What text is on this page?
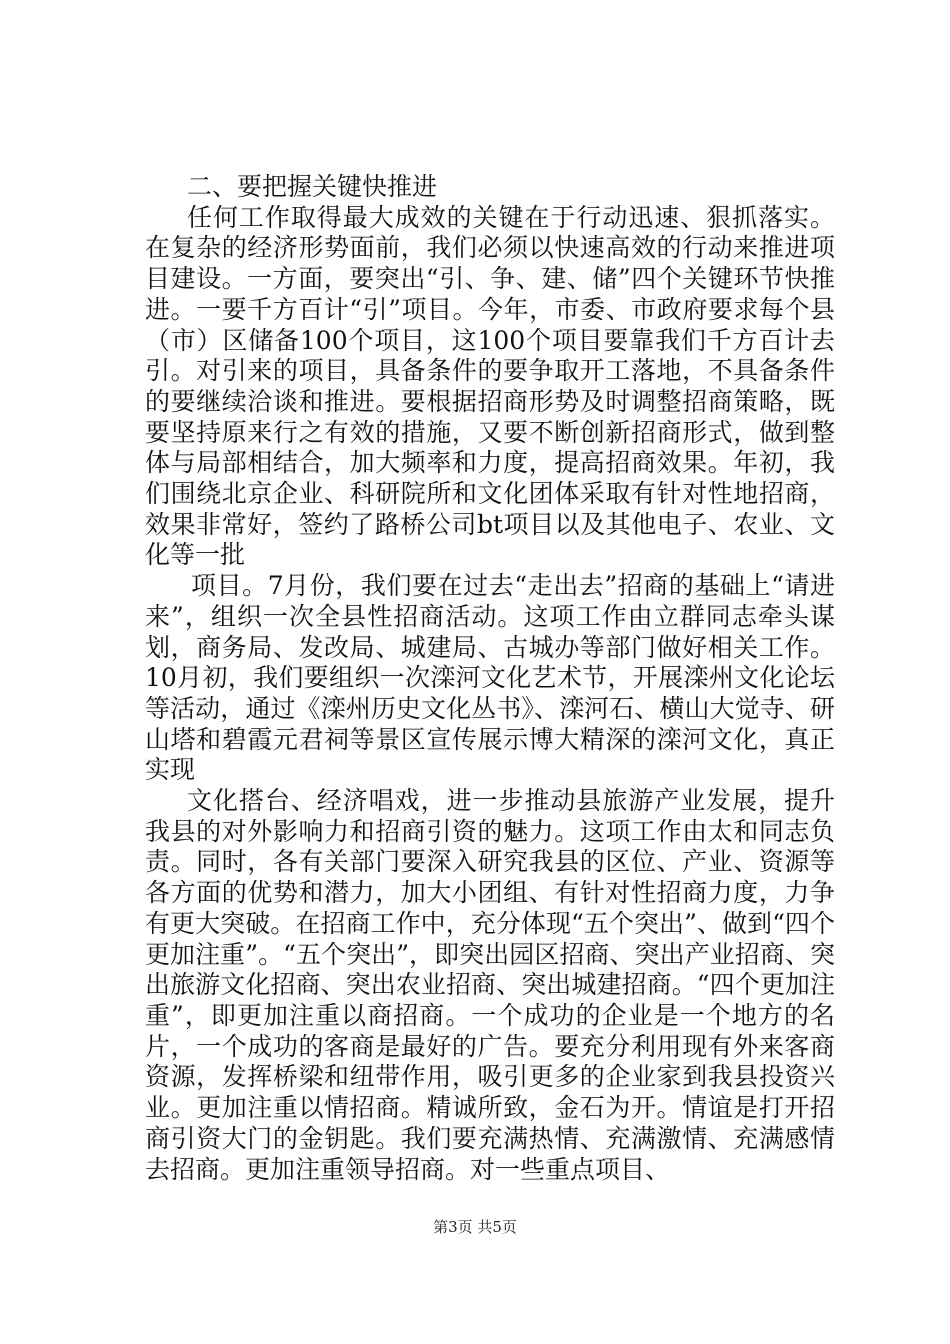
二、要把握关键快推进

任何工作取得最大成效的关键在于行动迅速、狠抓落实。在复杂的经济形势面前，我们必须以快速高效的行动来推进项目建设。一方面，要突出“引、争、建、储”四个关键环节快推进。一要千方百计“引”项目。今年，市委、市政府要求每个县（市）区储备100个项目，这100个项目要靠我们千方百计去引。对引来的项目，具备条件的要争取开工落地，不具备条件的要继续洽谈和推进。要根据招商形势及时调整招商策略，既要坚持原来行之有效的措施，又要不断创新招商形式，做到整体与局部相结合，加大频率和力度，提高招商效果。年初，我们围绕北京企业、科研院所和文化团体采取有针对性地招商，效果非常好，签约了路桥公司bt项目以及其他电子、农业、文化等一批

项目。7月份，我们要在过去“走出去”招商的基础上“请进来”，组织一次全县性招商活动。这项工作由立群同志牵头谋划，商务局、发改局、城建局、古城办等部门做好相关工作。10月初，我们要组织一次滦河文化艺术节，开展滦州文化论坛等活动，通过《滦州历史文化丛书》、滦河石、横山大觉寺、研山塔和碧霞元君祠等景区宣传展示博大精深的滦河文化，真正实现

文化搭台、经济唱戏，进一步推动县旅游产业发展，提升我县的对外影响力和招商引资的魅力。这项工作由太和同志负责。同时，各有关部门要深入研究我县的区位、产业、资源等各方面的优势和潜力，加大小团组、有针对性招商力度，力争有更大突破。在招商工作中，充分体现“五个突出”、做到“四个更加注重”。“五个突出”，即突出园区招商、突出产业招商、突出旅游文化招商、突出农业招商、突出城建招商。“四个更加注重”，即更加注重以商招商。一个成功的企业是一个地方的名片，一个成功的客商是最好的广告。要充分利用现有外来客商资源，发挥桥梁和纽带作用，吸引更多的企业家到我县投资兴业。更加注重以情招商。精诚所致，金石为开。情谊是打开招商引资大门的金钥匙。我们要充满热情、充满激情、充满感情去招商。更加注重领导招商。对一些重点项目、

第3页 共5页
